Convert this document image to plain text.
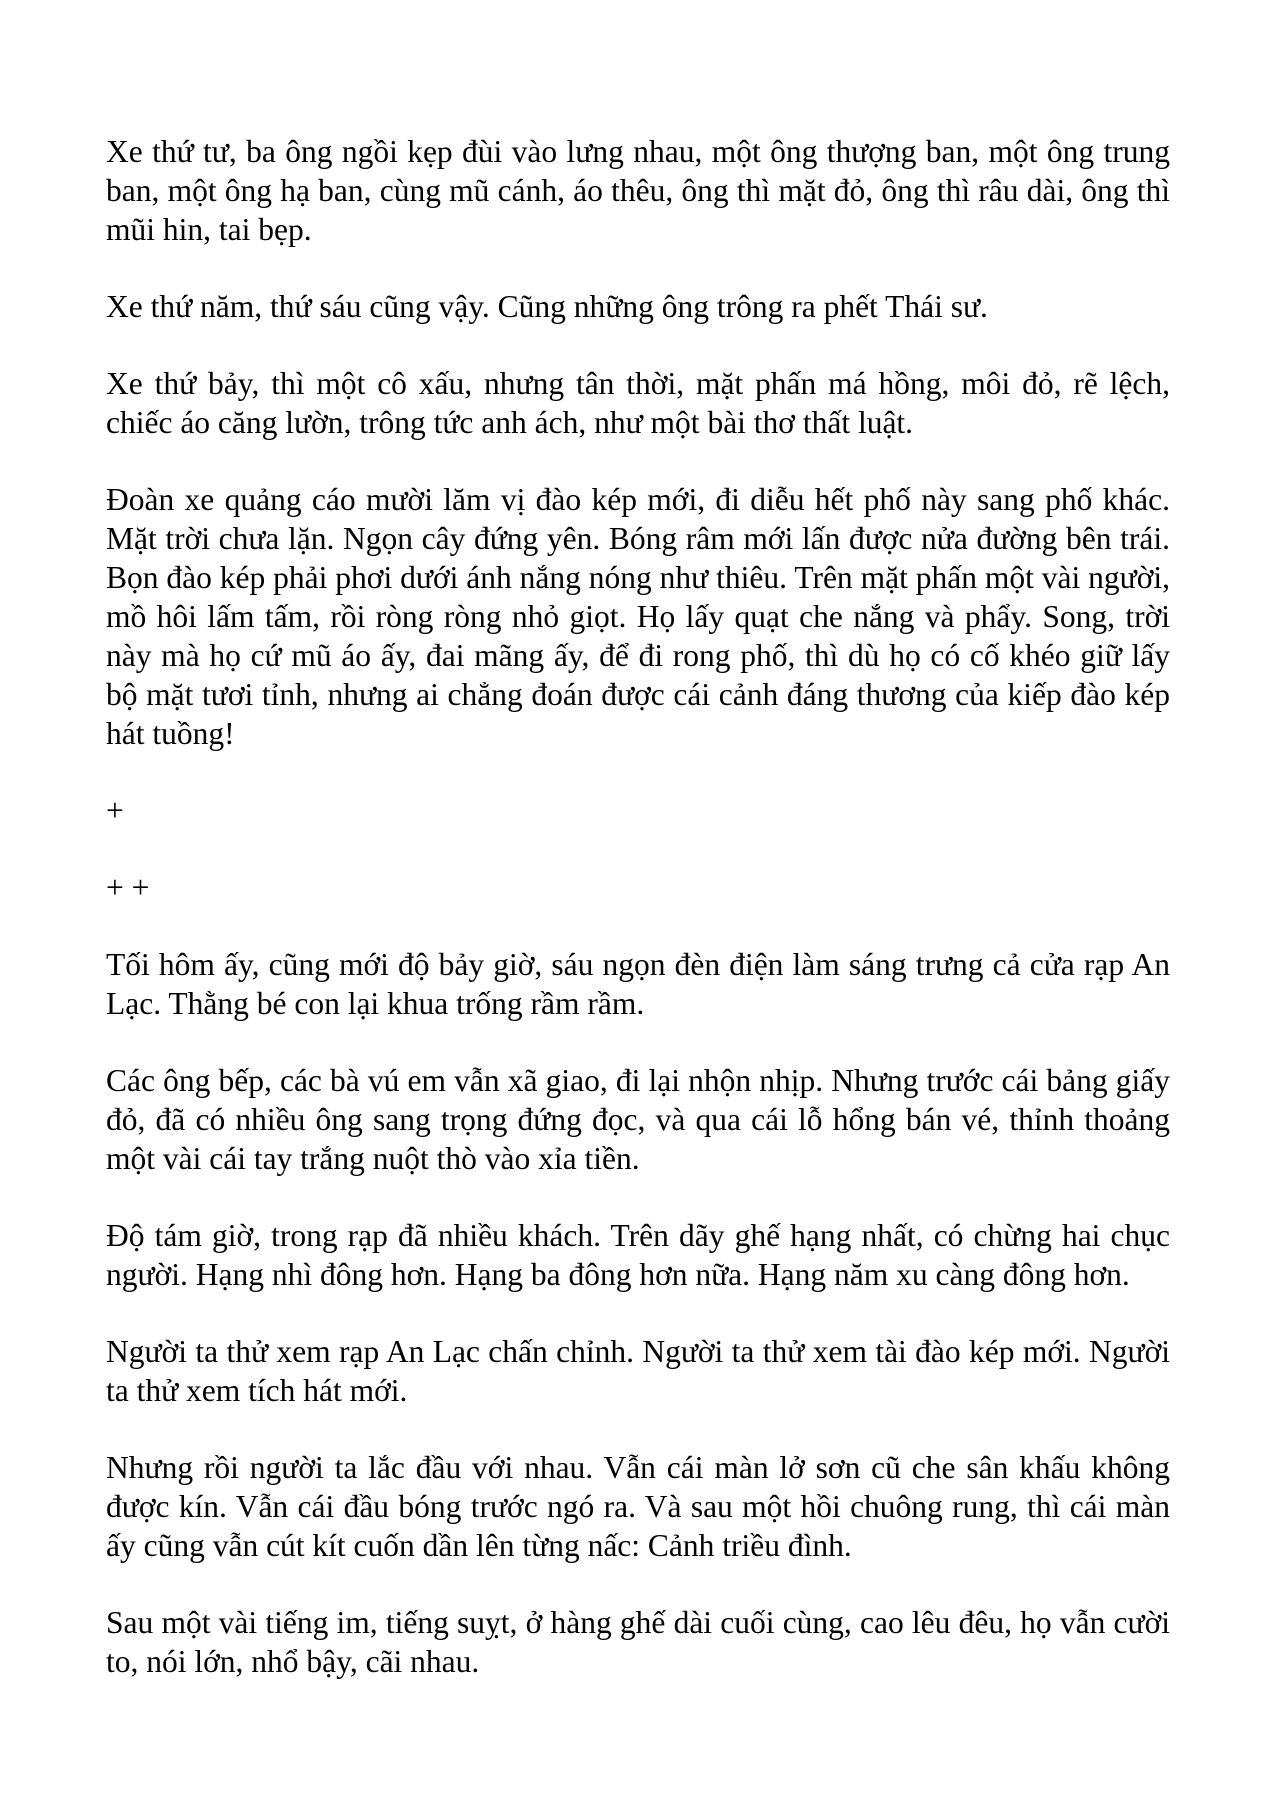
Xe thứ tư, ba ông ngồi kẹp đùi vào lưng nhau, một ông thượng ban, một ông trung ban, một ông hạ ban, cùng mũ cánh, áo thêu, ông thì mặt đỏ, ông thì râu dài, ông thì mũi hin, tai bẹp.

Xe thứ năm, thứ sáu cũng vậy. Cũng những ông trông ra phết Thái sư.

Xe thứ bảy, thì một cô xấu, nhưng tân thời, mặt phấn má hồng, môi đỏ, rẽ lệch, chiếc áo căng lườn, trông tức anh ách, như một bài thơ thất luật.

Đoàn xe quảng cáo mười lăm vị đào kép mới, đi diễu hết phố này sang phố khác. Mặt trời chưa lặn. Ngọn cây đứng yên. Bóng râm mới lấn được nửa đường bên trái. Bọn đào kép phải phơi dưới ánh nắng nóng như thiêu. Trên mặt phấn một vài người, mồ hôi lấm tấm, rồi ròng ròng nhỏ giọt. Họ lấy quạt che nắng và phẩy. Song, trời này mà họ cứ mũ áo ấy, đai mãng ấy, để đi rong phố, thì dù họ có cố khéo giữ lấy bộ mặt tươi tỉnh, nhưng ai chẳng đoán được cái cảnh đáng thương của kiếp đào kép hát tuồng!

+
+ +

Tối hôm ấy, cũng mới độ bảy giờ, sáu ngọn đèn điện làm sáng trưng cả cửa rạp An Lạc. Thằng bé con lại khua trống rầm rầm.

Các ông bếp, các bà vú em vẫn xã giao, đi lại nhộn nhịp. Nhưng trước cái bảng giấy đỏ, đã có nhiều ông sang trọng đứng đọc, và qua cái lỗ hổng bán vé, thỉnh thoảng một vài cái tay trắng nuột thò vào xỉa tiền.

Độ tám giờ, trong rạp đã nhiều khách. Trên dãy ghế hạng nhất, có chừng hai chục người. Hạng nhì đông hơn. Hạng ba đông hơn nữa. Hạng năm xu càng đông hơn.

Người ta thử xem rạp An Lạc chấn chỉnh. Người ta thử xem tài đào kép mới. Người ta thử xem tích hát mới.

Nhưng rồi người ta lắc đầu với nhau. Vẫn cái màn lở sơn cũ che sân khấu không được kín. Vẫn cái đầu bóng trước ngó ra. Và sau một hồi chuông rung, thì cái màn ấy cũng vẫn cút kít cuốn dần lên từng nấc: Cảnh triều đình.

Sau một vài tiếng im, tiếng suỵt, ở hàng ghế dài cuối cùng, cao lêu đêu, họ vẫn cười to, nói lớn, nhổ bậy, cãi nhau.
